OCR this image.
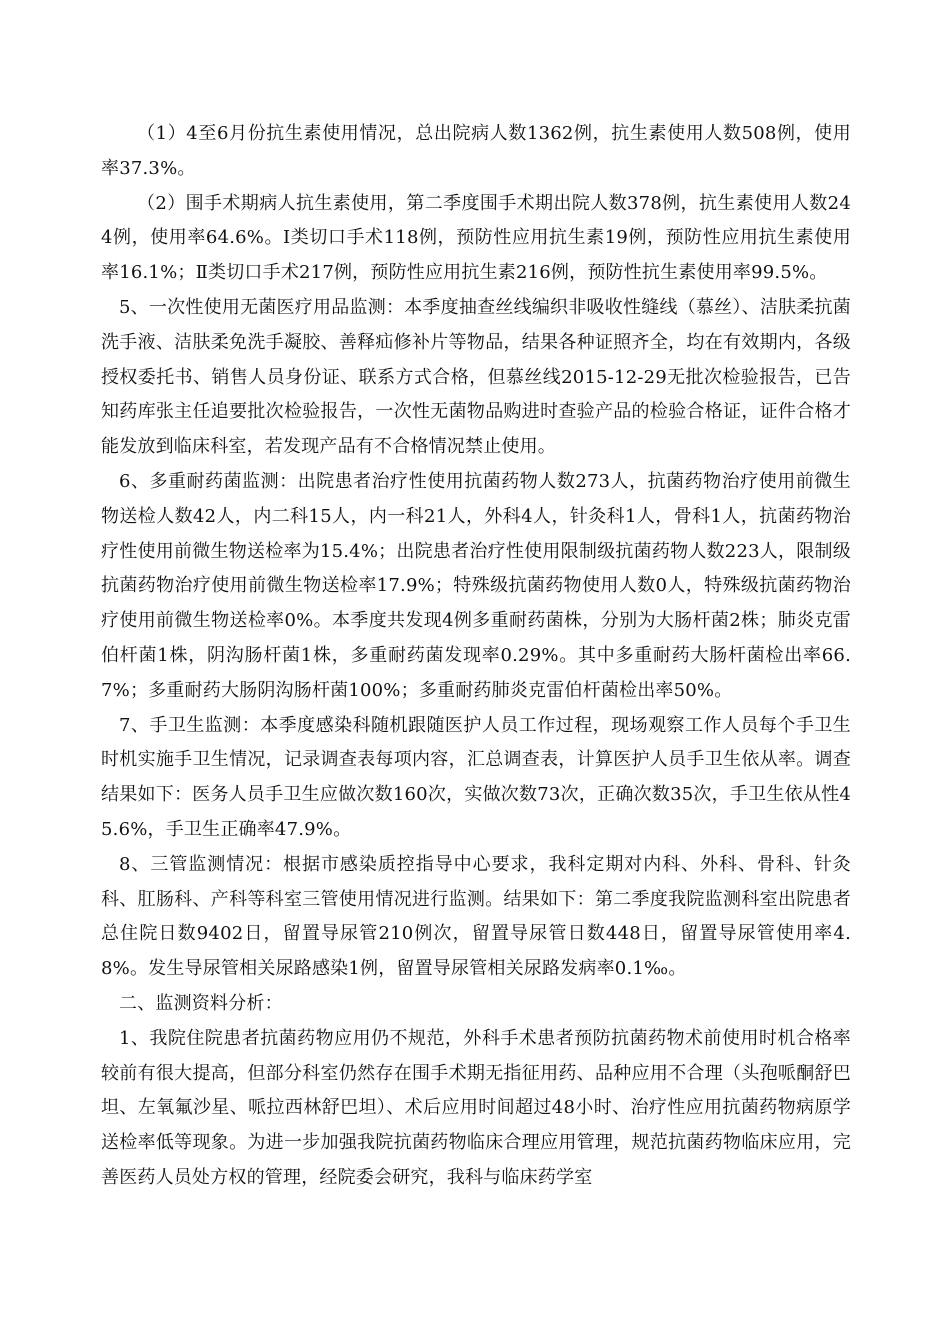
（1）4至6月份抗生素使用情况，总出院病人数1362例，抗生素使用人数508例，使用率37.3%。

（2）围手术期病人抗生素使用，第二季度围手术期出院人数378例，抗生素使用人数244例，使用率64.6%。Ⅰ类切口手术118例，预防性应用抗生素19例，预防性应用抗生素使用率16.1%；Ⅱ类切口手术217例，预防性应用抗生素216例，预防性抗生素使用率99.5%。

5、一次性使用无菌医疗用品监测：本季度抽查丝线编织非吸收性缝线（慕丝）、洁肤柔抗菌洗手液、洁肤柔免洗手凝胶、善释疝修补片等物品，结果各种证照齐全，均在有效期内，各级授权委托书、销售人员身份证、联系方式合格，但慕丝线2015-12-29无批次检验报告，已告知药库张主任追要批次检验报告，一次性无菌物品购进时查验产品的检验合格证，证件合格才能发放到临床科室，若发现产品有不合格情况禁止使用。

6、多重耐药菌监测：出院患者治疗性使用抗菌药物人数273人，抗菌药物治疗使用前微生物送检人数42人，内二科15人，内一科21人，外科4人，针灸科1人，骨科1人，抗菌药物治疗性使用前微生物送检率为15.4%；出院患者治疗性使用限制级抗菌药物人数223人，限制级抗菌药物治疗使用前微生物送检率17.9%；特殊级抗菌药物使用人数0人，特殊级抗菌药物治疗使用前微生物送检率0%。本季度共发现4例多重耐药菌株，分别为大肠杆菌2株；肺炎克雷伯杆菌1株，阴沟肠杆菌1株，多重耐药菌发现率0.29%。其中多重耐药大肠杆菌检出率66.7%；多重耐药大肠阴沟肠杆菌100%；多重耐药肺炎克雷伯杆菌检出率50%。

7、手卫生监测：本季度感染科随机跟随医护人员工作过程，现场观察工作人员每个手卫生时机实施手卫生情况，记录调查表每项内容，汇总调查表，计算医护人员手卫生依从率。调查结果如下：医务人员手卫生应做次数160次，实做次数73次，正确次数35次，手卫生依从性45.6%，手卫生正确率47.9%。

8、三管监测情况：根据市感染质控指导中心要求，我科定期对内科、外科、骨科、针灸科、肛肠科、产科等科室三管使用情况进行监测。结果如下：第二季度我院监测科室出院患者总住院日数9402日，留置导尿管210例次，留置导尿管日数448日，留置导尿管使用率4.8%。发生导尿管相关尿路感染1例，留置导尿管相关尿路发病率0.1‰。

二、监测资料分析：

1、我院住院患者抗菌药物应用仍不规范，外科手术患者预防抗菌药物术前使用时机合格率较前有很大提高，但部分科室仍然存在围手术期无指征用药、品种应用不合理（头孢哌酮舒巴坦、左氧氟沙星、哌拉西林舒巴坦）、术后应用时间超过48小时、治疗性应用抗菌药物病原学送检率低等现象。为进一步加强我院抗菌药物临床合理应用管理，规范抗菌药物临床应用，完善医药人员处方权的管理，经院委会研究，我科与临床药学室
